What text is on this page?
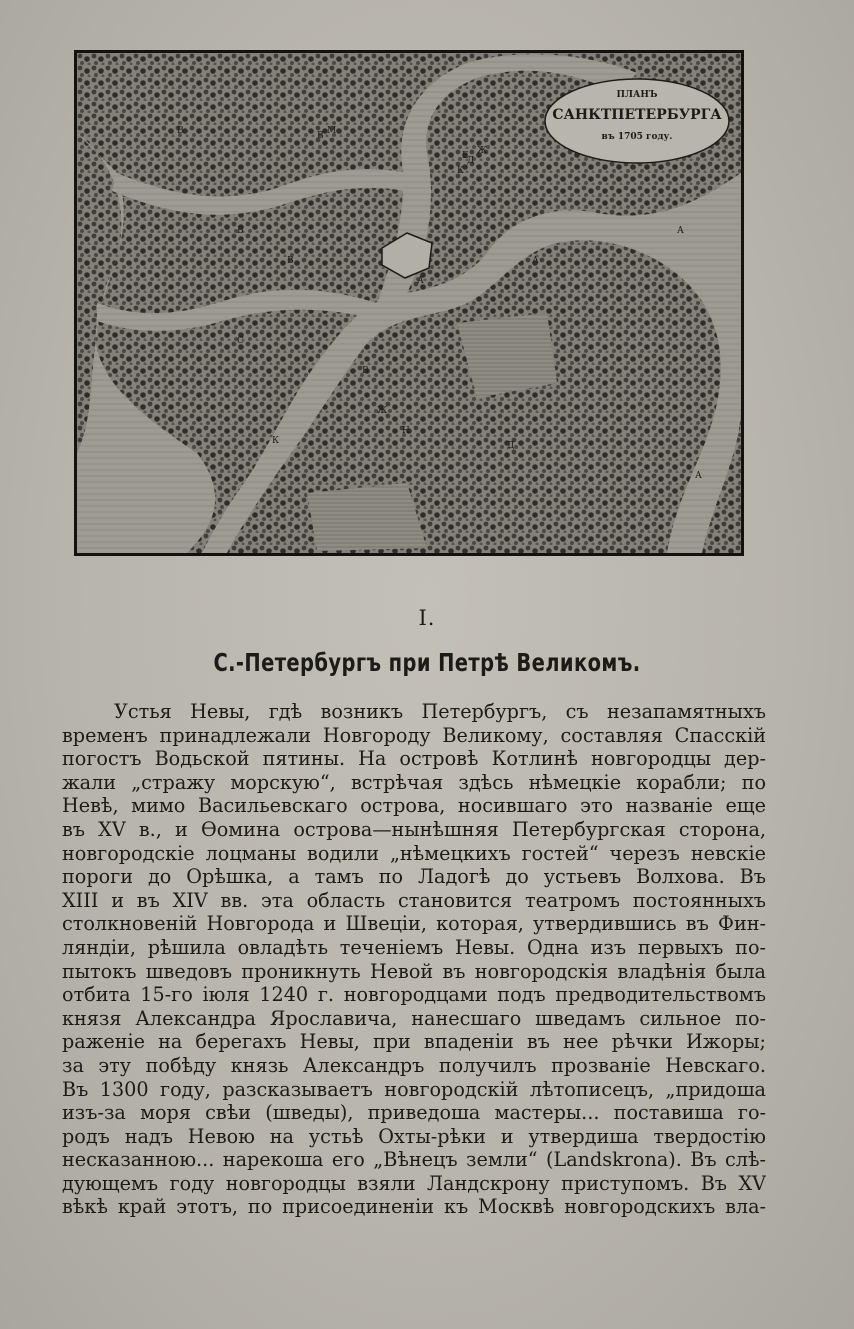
ПЛАНЪ
САНКТПЕТЕРБУРГА
въ 1705 году.
Д
В
В
В
В
С
В
А
А
А
А
Д
К
М
К
Е
Ж
Н
Ж
I.
С.-Петербургъ при Петрѣ Великомъ.
Устья Невы, гдѣ возникъ Петербургъ, съ незапамятныхъ
временъ принадлежали Новгороду Великому, составляя Спасскій
погостъ Водьской пятины. На островѣ Котлинѣ новгородцы дер-
жали „стражу морскую“, встрѣчая здѣсь нѣмецкіе корабли; по
Невѣ, мимо Васильевскаго острова, носившаго это названіе еще
въ XV в., и Ѳомина острова—нынѣшняя Петербургская сторона,
новгородскіе лоцманы водили „нѣмецкихъ гостей“ черезъ невскіе
пороги до Орѣшка, а тамъ по Ладогѣ до устьевъ Волхова. Въ
XIII и въ XIV вв. эта область становится театромъ постоянныхъ
столкновеній Новгорода и Швеціи, которая, утвердившись въ Фин-
ляндіи, рѣшила овладѣть теченіемъ Невы. Одна изъ первыхъ по-
пытокъ шведовъ проникнуть Невой въ новгородскія владѣнія была
отбита 15-го іюля 1240 г. новгородцами подъ предводительствомъ
князя Александра Ярославича, нанесшаго шведамъ сильное по-
раженіе на берегахъ Невы, при впаденіи въ нее рѣчки Ижоры;
за эту побѣду князь Александръ получилъ прозваніе Невскаго.
Въ 1300 году, разсказываетъ новгородскій лѣтописецъ, „придоша
изъ-за моря свѣи (шведы), приведоша мастеры... поставиша го-
родъ надъ Невою на устьѣ Охты-рѣки и утвердиша твердостію
несказанною... нарекоша его „Вѣнецъ земли“ (Landskrona). Въ слѣ-
дующемъ году новгородцы взяли Ландскрону приступомъ. Въ XV
вѣкѣ край этотъ, по присоединеніи къ Москвѣ новгородскихъ вла-
